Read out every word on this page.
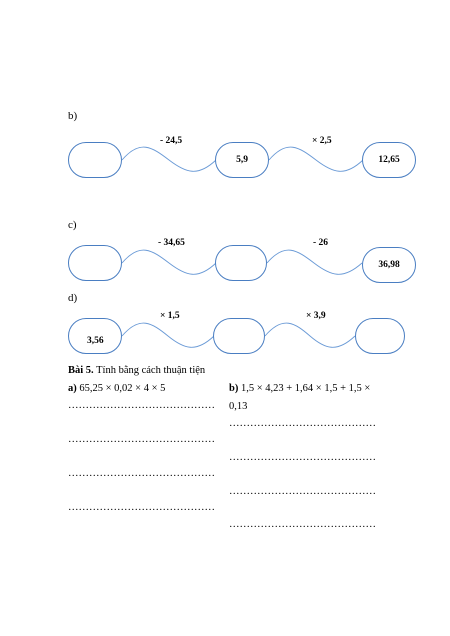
b)
- 24,5
5,9
× 2,5
12,65
c)
- 34,65	- 26
36,98
d)
3,56
× 1,5	× 3,9
Bài 5. Tính bằng cách thuận tiện
a) 65,25 × 0,02 × 4 × 5	b) 1,5 × 4,23 + 1,64 × 1,5 + 1,5 ×
0,13
……………………………………
……………………………………
……………………………………
……………………………………
……………………………………
……………………………………
……………………………………
……………………………………
